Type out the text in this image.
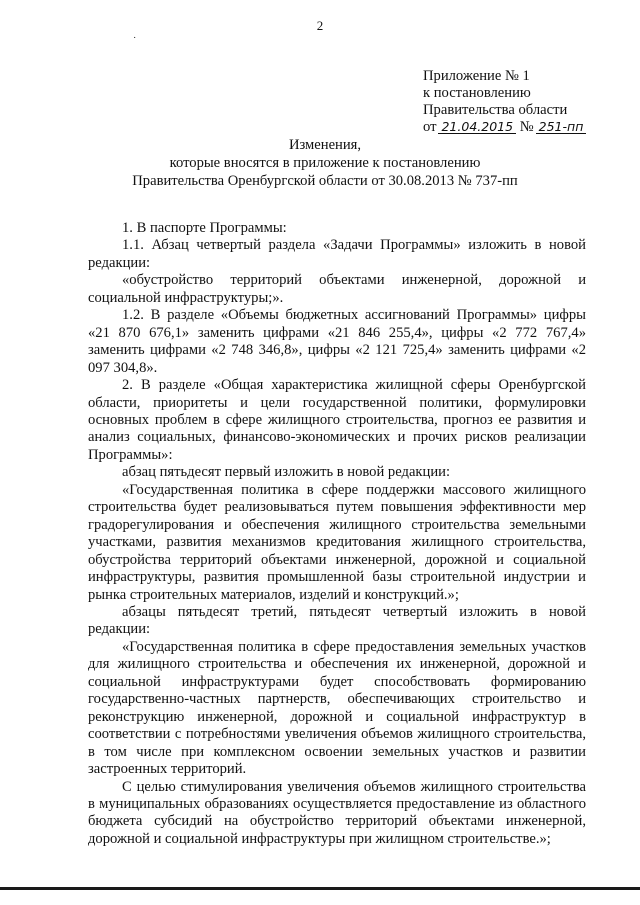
2
˙
Приложение № 1
к постановлению
Правительства области
от 21.04.2015 № 251-пп
Изменения,
которые вносятся в приложение к постановлению
Правительства Оренбургской области от 30.08.2013 № 737-пп

1. В паспорте Программы:

1.1. Абзац четвертый раздела «Задачи Программы» изложить в новой редакции:

«обустройство территорий объектами инженерной, дорожной и социальной инфраструктуры;».

1.2. В разделе «Объемы бюджетных ассигнований Программы» цифры «21 870 676,1» заменить цифрами «21 846 255,4», цифры «2 772 767,4» заменить цифрами «2 748 346,8», цифры «2 121 725,4» заменить цифрами «2 097 304,8».

2. В разделе «Общая характеристика жилищной сферы Оренбургской области, приоритеты и цели государственной политики, формулировки основных проблем в сфере жилищного строительства, прогноз ее развития и анализ социальных, финансово-экономических и прочих рисков реализации Программы»:

абзац пятьдесят первый изложить в новой редакции:

«Государственная политика в сфере поддержки массового жилищного строительства будет реализовываться путем повышения эффективности мер градорегулирования и обеспечения жилищного строительства земельными участками, развития механизмов кредитования жилищного строительства, обустройства территорий объектами инженерной, дорожной и социальной инфраструктуры, развития промышленной базы строительной индустрии и рынка строительных материалов, изделий и конструкций.»;

абзацы пятьдесят третий, пятьдесят четвертый изложить в новой редакции:

«Государственная политика в сфере предоставления земельных участков для жилищного строительства и обеспечения их инженерной, дорожной и социальной инфраструктурами будет способствовать формированию государственно-частных партнерств, обеспечивающих строительство и реконструкцию инженерной, дорожной и социальной инфраструктур в соответствии с потребностями увеличения объемов жилищного строительства, в том числе при комплексном освоении земельных участков и развитии застроенных территорий.

С целью стимулирования увеличения объемов жилищного строительства в муниципальных образованиях осуществляется предоставление из областного бюджета субсидий на обустройство территорий объектами инженерной, дорожной и социальной инфраструктуры при жилищном строительстве.»;
